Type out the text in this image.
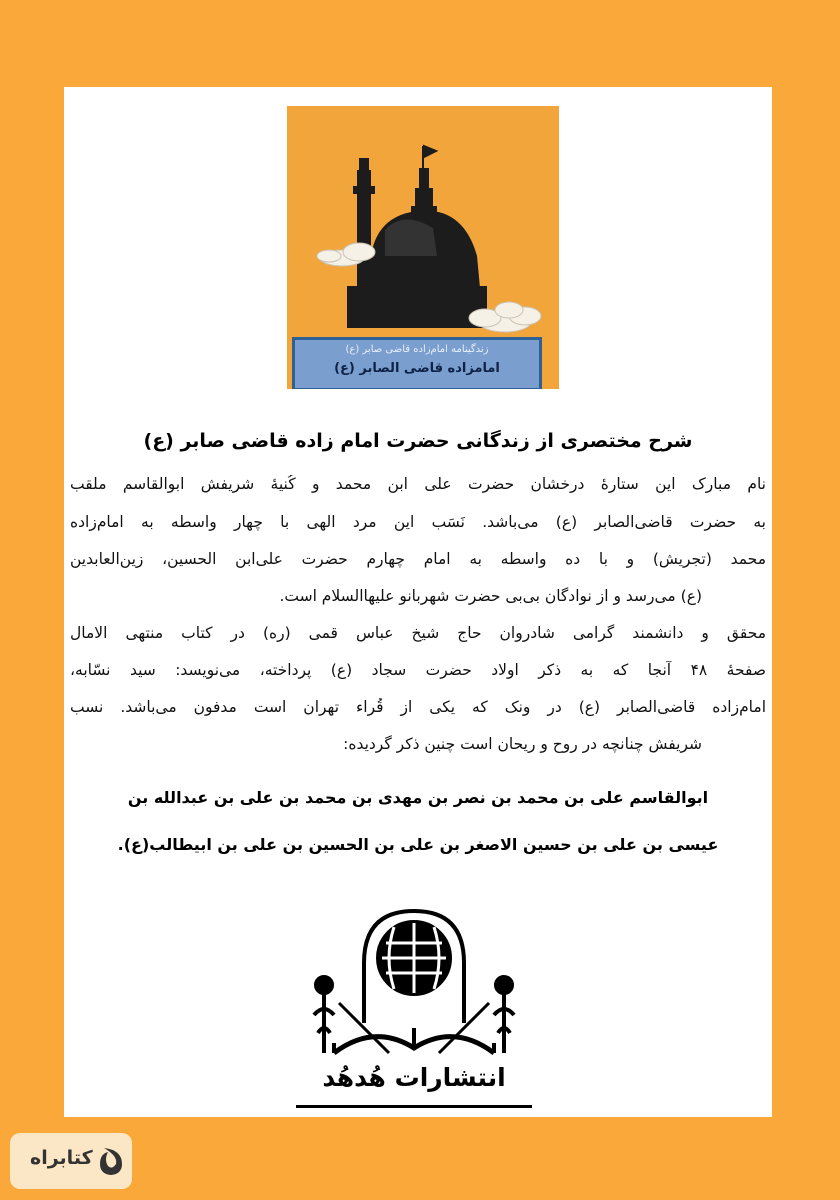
زندگینامه امام‌زاده قاضی صابر (ع)
امامزاده قاضی الصابر (ع)
شرح مختصری از زندگانی حضرت امام زاده قاضی صابر (ع)
نام مبارک این ستارۀ درخشان حضرت علی ابن محمد و کُنیۀ شریفش ابوالقاسم ملقب
به حضرت قاضی‌الصابر (ع) می‌باشد. نَسَب این مرد الهی با چهار واسطه به امام‌زاده
محمد (تجریش) و با ده واسطه به امام چهارم حضرت علی‌ابن الحسین، زین‌العابدین
(ع) می‌رسد و از نوادگان بی‌بی حضرت شهربانو علیهاالسلام است.
محقق و دانشمند گرامی شادروان حاج شیخ عباس قمی (ره) در کتاب منتهی الامال
صفحۀ ۴۸ آنجا که به ذکر اولاد حضرت سجاد (ع) پرداخته، می‌نویسد: سید نسّابه،
امام‌زاده قاضی‌الصابر (ع) در ونک که یکی از قُراء تهران است مدفون می‌باشد. نسب
شریفش چنانچه در روح و ریحان است چنین ذکر گردیده:
ابوالقاسم علی بن محمد بن نصر بن مهدی بن محمد بن علی بن عبدالله بن
عیسی بن علی بن حسین الاصغر بن علی بن الحسین بن علی بن ابیطالب(ع).
انتشارات هُدهُد
کتابراه
